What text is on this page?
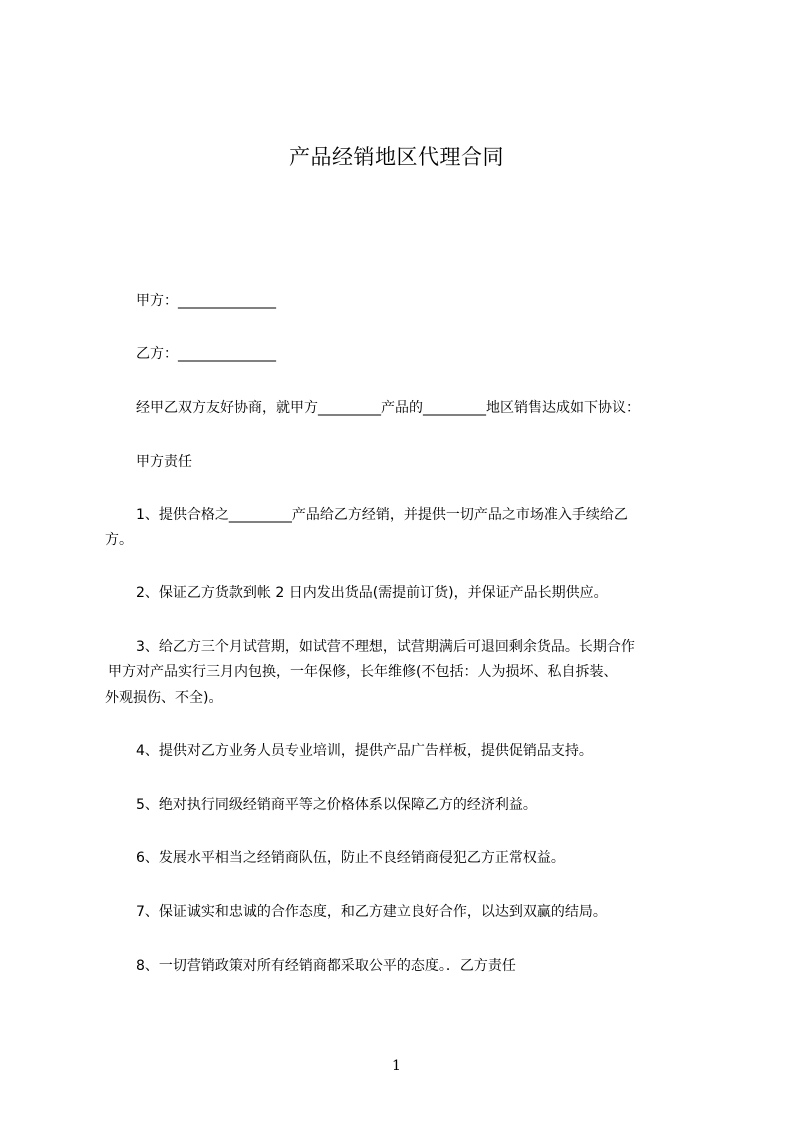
产品经销地区代理合同
甲方：______________
乙方：______________
经甲乙双方友好协商，就甲方_________产品的_________地区销售达成如下协议：
甲方责任
1、提供合格之_________产品给乙方经销，并提供一切产品之市场准入手续给乙
方。
2、保证乙方货款到帐 2 日内发出货品(需提前订货)，并保证产品长期供应。
3、给乙方三个月试营期，如试营不理想，试营期满后可退回剩余货品。长期合作
甲方对产品实行三月内包换，一年保修，长年维修(不包括：人为损坏、私自拆装、
外观损伤、不全)。
4、提供对乙方业务人员专业培训，提供产品广告样板，提供促销品支持。
5、绝对执行同级经销商平等之价格体系以保障乙方的经济利益。
6、发展水平相当之经销商队伍，防止不良经销商侵犯乙方正常权益。
7、保证诚实和忠诚的合作态度，和乙方建立良好合作，以达到双赢的结局。
8、一切营销政策对所有经销商都采取公平的态度。．乙方责任
1
